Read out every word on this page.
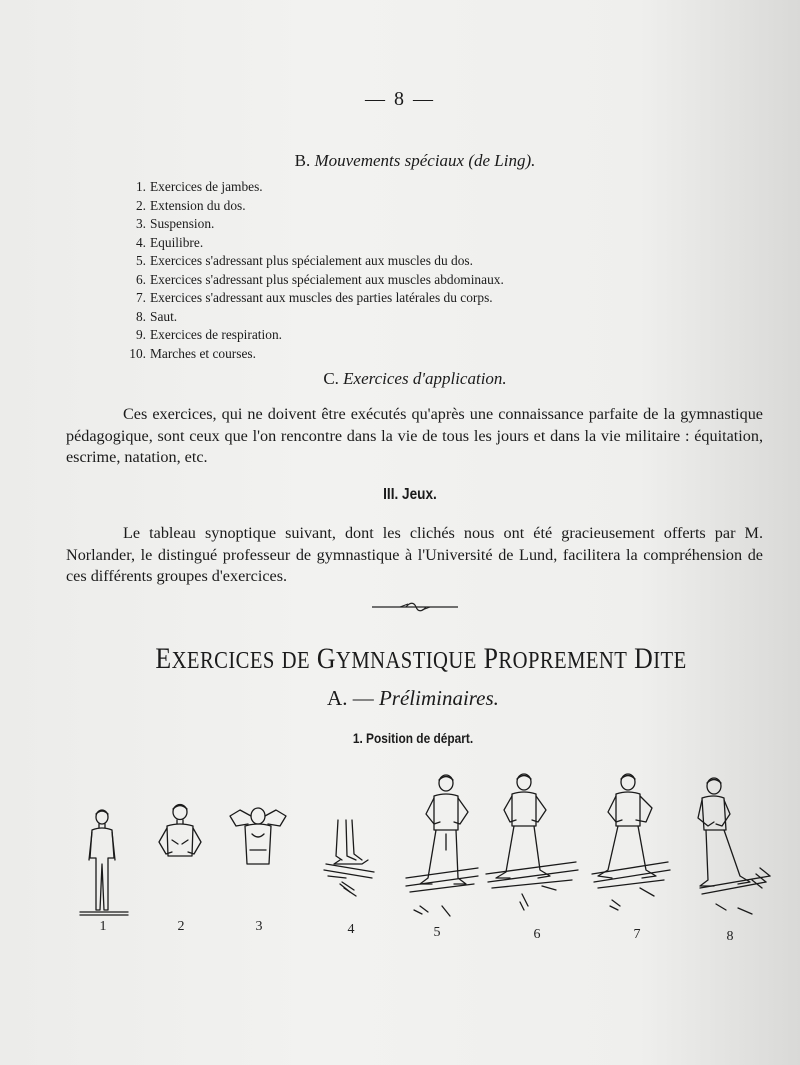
— 8 —
B. Mouvements spéciaux (de Ling).
1. Exercices de jambes.
2. Extension du dos.
3. Suspension.
4. Equilibre.
5. Exercices s'adressant plus spécialement aux muscles du dos.
6. Exercices s'adressant plus spécialement aux muscles abdominaux.
7. Exercices s'adressant aux muscles des parties latérales du corps.
8. Saut.
9. Exercices de respiration.
10. Marches et courses.
C. Exercices d'application.

Ces exercices, qui ne doivent être exécutés qu'après une connaissance parfaite de la gymnastique pédagogique, sont ceux que l'on rencontre dans la vie de tous les jours et dans la vie militaire : équitation, escrime, natation, etc.

III. Jeux.

Le tableau synoptique suivant, dont les clichés nous ont été gracieusement offerts par M. Norlander, le distingué professeur de gymnastique à l'Université de Lund, facilitera la compréhension de ces différents groupes d'exercices.

EXERCICES DE GYMNASTIQUE PROPREMENT DITE
A. — Préliminaires.
1. Position de départ.
1	2	3	4	5	6	7	8
